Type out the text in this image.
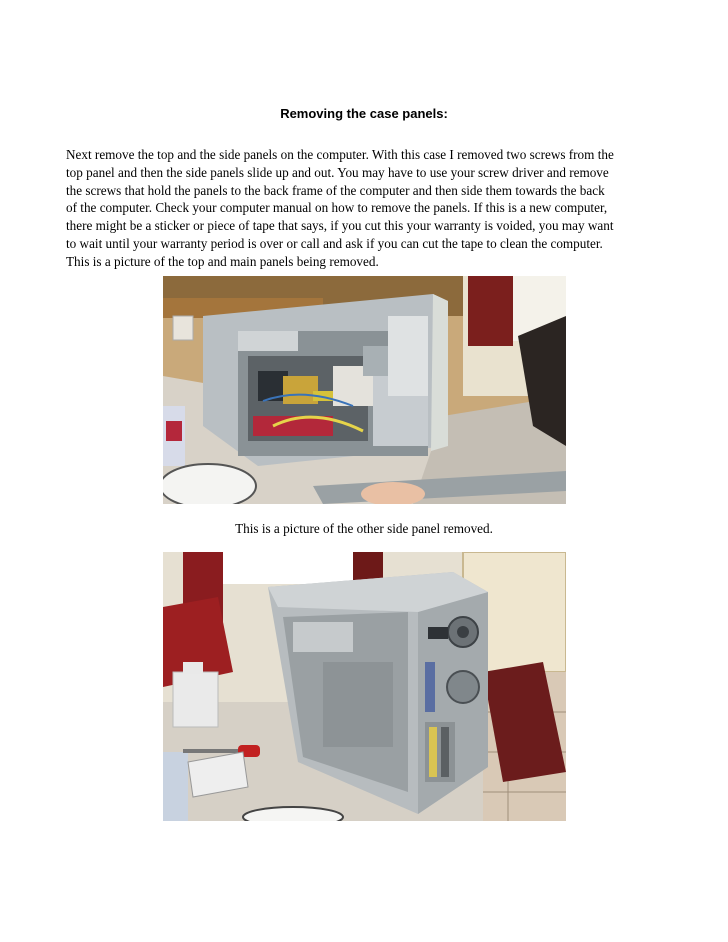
Removing the case panels:

Next remove the top and the side panels on the computer. With this case I removed two screws from the

top panel and then the side panels slide up and out. You may have to use your screw driver and remove

the screws that hold the panels to the back frame of the computer and then side them towards the back

of the computer. Check your computer manual on how to remove the panels. If this is a new computer,

there might be a sticker or piece of tape that says, if you cut this your warranty is voided, you may want

to wait until your warranty period is over or call and ask if you can cut the tape to clean the computer.

This is a picture of the top and main panels being removed.

This is a picture of the other side panel removed.
